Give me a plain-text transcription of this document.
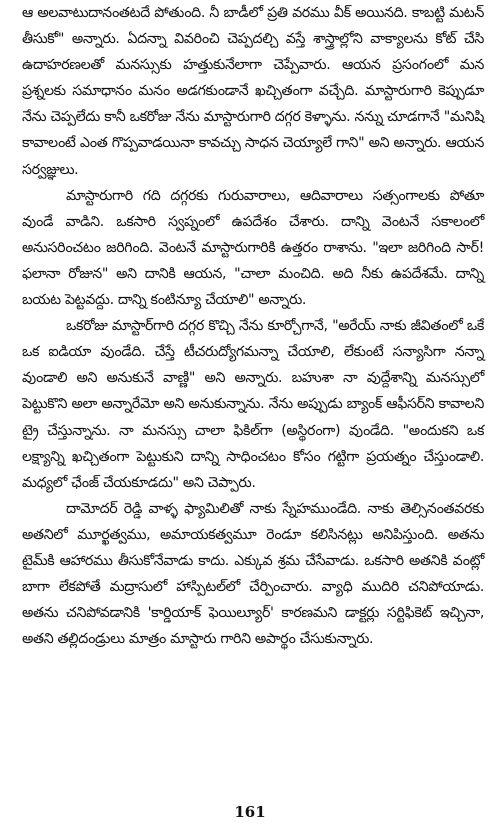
ఆ అలవాటుదానంతటదే పోతుంది. నీ బాడీలో ప్రతి వరము వీక్ అయినది. కాబట్టి మటన్ తీసుకో" అన్నారు. ఏదన్నా వివరించి చెప్పదల్చి వస్తే శాస్త్రాల్లోని వాక్యాలను కోట్ చేసి ఉదాహరణలతో మనస్సుకు హత్తుకునేలాగా చెప్పేవారు. ఆయన ప్రసంగంలో మన ప్రశ్నలకు సమాధానం మనం అడగకుండానే ఖచ్చితంగా వచ్చేది. మాస్టారుగారి కెప్పుడూ నేను చెప్పలేదు కానీ ఒకరోజు నేను మాస్టారుగారి దగ్గర కెళ్ళాను. నన్ను చూడగానే "మనిషి కావాలంటే ఎంత గొప్పవాడయినా కావచ్చు సాధన చెయ్యాలే గాని" అని అన్నారు. ఆయన సర్వజ్ఞులు.

మాస్టారుగారి గది దగ్గరకు గురువారాలు, ఆదివారాలు సత్సంగాలకు పోతూ వుండే వాడిని. ఒకసారి స్వప్నంలో ఉపదేశం చేశారు. దాన్ని వెంటనే సకాలంలో అనుసరించటం జరిగింది. వెంటనే మాస్టారుగారికి ఉత్తరం రాశాను. "ఇలా జరిగింది సార్! ఫలానా రోజున" అని దానికి ఆయన, "చాలా మంచిది. అది నీకు ఉపదేశమే. దాన్ని బయట పెట్టవద్దు. దాన్ని కంటిన్యూ చేయాలి" అన్నారు.

ఒకరోజు మాస్టార్‌గారి దగ్గర కొచ్చి నేను కూర్చోగానే, "అరేయ్ నాకు జీవితంలో ఒకే ఒక ఐడియా వుండేది. చేస్తే టీచరుద్యోగమన్నా చేయాలి, లేకుంటే సన్యాసిగా నన్నా వుండాలి అని అనుకునే వాణ్ణి" అని అన్నారు. బహుశా నా వుద్దేశాన్ని మనస్సులో పెట్టుకొని అలా అన్నారేమో అని అనుకున్నాను. నేను అప్పుడు బ్యాంక్ ఆఫీసర్‌ని కావాలని ట్రై చేస్తున్నాను. నా మనస్సు చాలా ఫికిల్‌గా (అస్థిరంగా) వుండేది. "అందుకని ఒక లక్ష్యాన్ని ఖచ్చితంగా పెట్టుకుని దాన్ని సాధించటం కోసం గట్టిగా ప్రయత్నం చేస్తుండాలి. మధ్యలో ఛేంజ్ చేయకూడదు" అని చెప్పారు.

దామోదర్ రెడ్డి వాళ్ళ ఫ్యామిలితో నాకు స్నేహముండేది. నాకు తెల్సినంతవరకు అతనిలో మూర్ఖత్వము, అమాయకత్వమూ రెండూ కలిసినట్లు అనిపిస్తుంది. అతను టైమ్‌కి ఆహారము తీసుకోనేవాడు కాదు. ఎక్కువ శ్రమ చేసేవాడు. ఒకసారి అతనికి వంట్లో బాగా లేకపోతే మద్రాసులో హాస్పిటల్‌లో చేర్పించారు. వ్యాధి ముదిరి చనిపోయాడు. అతను చనిపోవడానికి 'కార్డియాక్ ఫెయిల్యూర్' కారణమని డాక్టర్లు సర్టిఫికెట్ ఇచ్చినా, అతని తల్లిదండ్రులు మాత్రం మాస్టారు గారిని అపార్థం చేసుకున్నారు.

161
